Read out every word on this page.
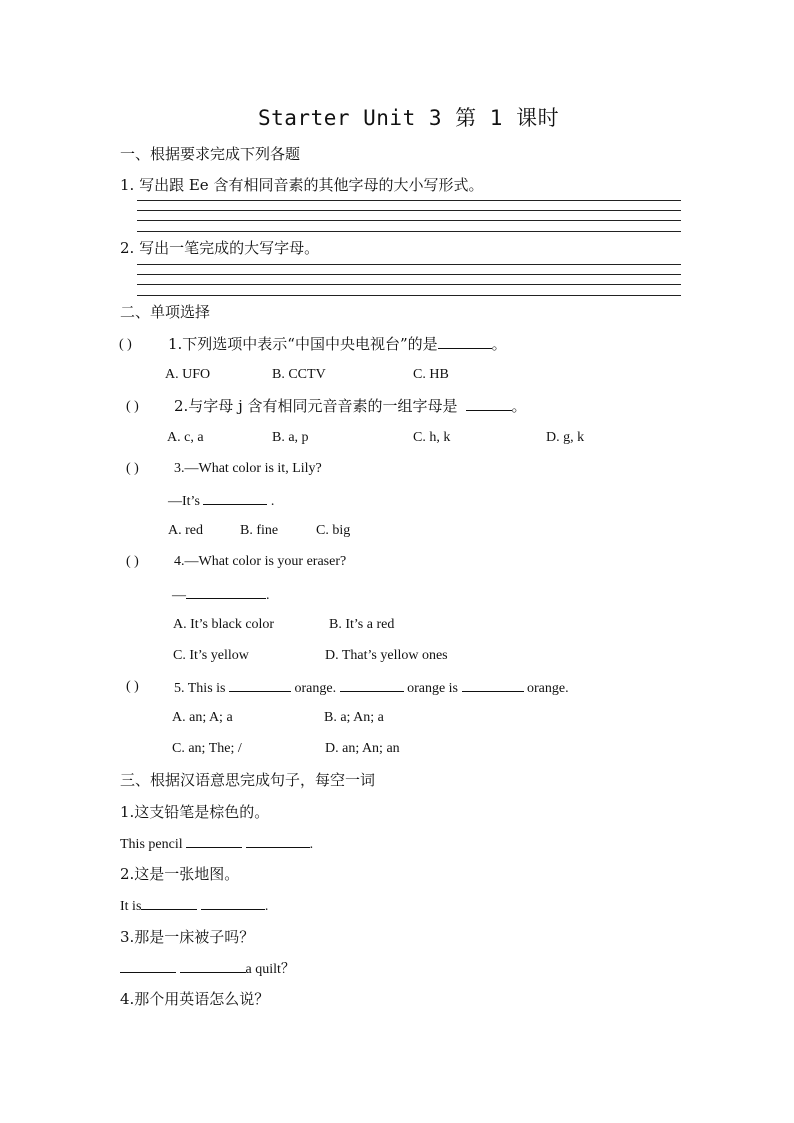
Starter Unit 3 第 1 课时
一、根据要求完成下列各题
1. 写出跟 Ee 含有相同音素的其他字母的大小写形式。
2. 写出一笔完成的大写字母。
二、单项选择
( ) 1.下列选项中表示“中国中央电视台”的是	。
A. UFO	B. CCTV	C. HB
( ) 2.与字母 j 含有相同元音音素的一组字母是	。
A. c, a	B. a, p	C. h, k	D. g, k
( )	3.—What color is it, Lily?
—It’s	.
A. red	B. fine	C. big
( )	4.—What color is your eraser?
—	.
A. It’s black color	B. It’s a red
C. It’s yellow	D. That’s yellow ones
( )	5. This is	orange.	orange is	orange.
A. an; A; a	B. a; An; a
C. an; The; /	D. an; An; an
三、根据汉语意思完成句子，每空一词
1.这支铅笔是棕色的。
This pencil	.
2.这是一张地图。
It is	.
3.那是一床被子吗？
a quilt？
4.那个用英语怎么说？
